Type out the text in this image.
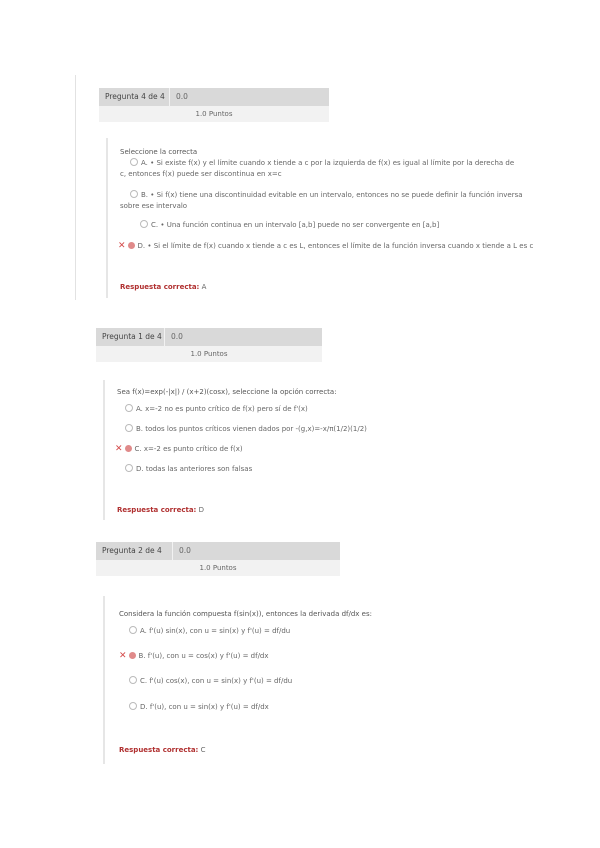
Pregunta 4 de 4	0.0
1.0 Puntos
Seleccione la correcta
A. • Si existe f(x) y el límite cuando x tiende a c por la izquierda de f(x) es igual al límite por la derecha de c, entonces f(x) puede ser discontinua en x=c
B. • Si f(x) tiene una discontinuidad evitable en un intervalo, entonces no se puede definir la función inversa sobre ese intervalo
C. • Una función continua en un intervalo [a,b] puede no ser convergente en [a,b]
✕ D. • Si el límite de f(x) cuando x tiende a c es L, entonces el límite de la función inversa cuando x tiende a L es c
Respuesta correcta: A
Pregunta 1 de 4	0.0
1.0 Puntos
Sea f(x)=exp(-|x|) / (x+2)(cosx), seleccione la opción correcta:
A. x=-2 no es punto crítico de f(x) pero sí de f'(x)
B. todos los puntos críticos vienen dados por -(g,x)=-x/π(1/2)(1/2)
✕ C. x=-2 es punto crítico de f(x)
D. todas las anteriores son falsas
Respuesta correcta: D
Pregunta 2 de 4	0.0
1.0 Puntos
Considera la función compuesta f(sin(x)), entonces la derivada df/dx es:
A. f'(u) sin(x), con u = sin(x) y f'(u) = df/du
✕ B. f'(u), con u = cos(x) y f'(u) = df/dx
C. f'(u) cos(x), con u = sin(x) y f'(u) = df/du
D. f'(u), con u = sin(x) y f'(u) = df/dx
Respuesta correcta: C
